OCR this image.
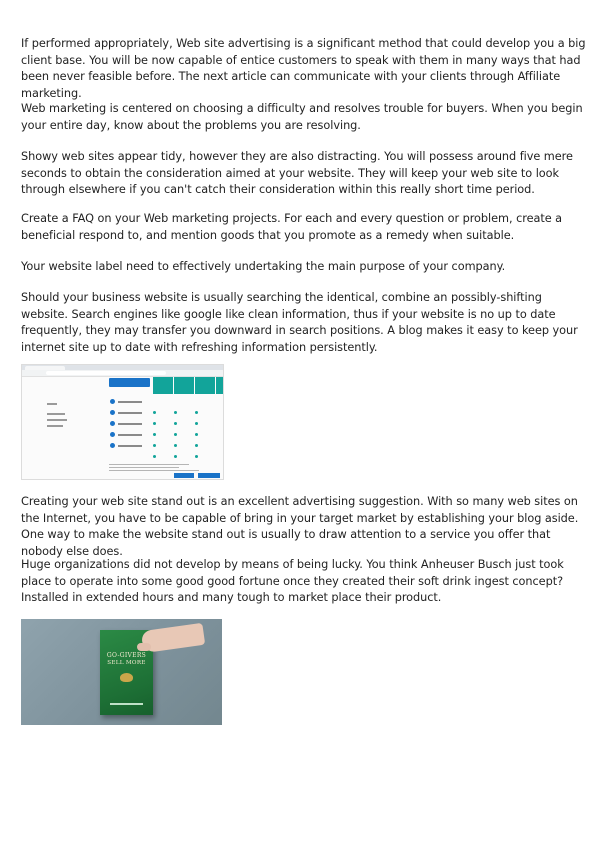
If performed appropriately, Web site advertising is a significant method that could develop you a big client base. You will be now capable of entice customers to speak with them in many ways that had been never feasible before. The next article can communicate with your clients through Affiliate marketing.

Web marketing is centered on choosing a difficulty and resolves trouble for buyers. When you begin your entire day, know about the problems you are resolving.

Showy web sites appear tidy, however they are also distracting. You will possess around five mere seconds to obtain the consideration aimed at your website. They will keep your web site to look through elsewhere if you can't catch their consideration within this really short time period.

Create a FAQ on your Web marketing projects. For each and every question or problem, create a beneficial respond to, and mention goods that you promote as a remedy when suitable.

Your website label need to effectively undertaking the main purpose of your company.

Should your business website is usually searching the identical, combine an possibly-shifting website. Search engines like google like clean information, thus if your website is no up to date frequently, they may transfer you downward in search positions. A blog makes it easy to keep your internet site up to date with refreshing information persistently.

Creating your web site stand out is an excellent advertising suggestion. With so many web sites on the Internet, you have to be capable of bring in your target market by establishing your blog aside. One way to make the website stand out is usually to draw attention to a service you offer that nobody else does.

Huge organizations did not develop by means of being lucky. You think Anheuser Busch just took place to operate into some good good fortune once they created their soft drink ingest concept? Installed in extended hours and many tough to market place their product.

GO-GIVERS
SELL MORE
